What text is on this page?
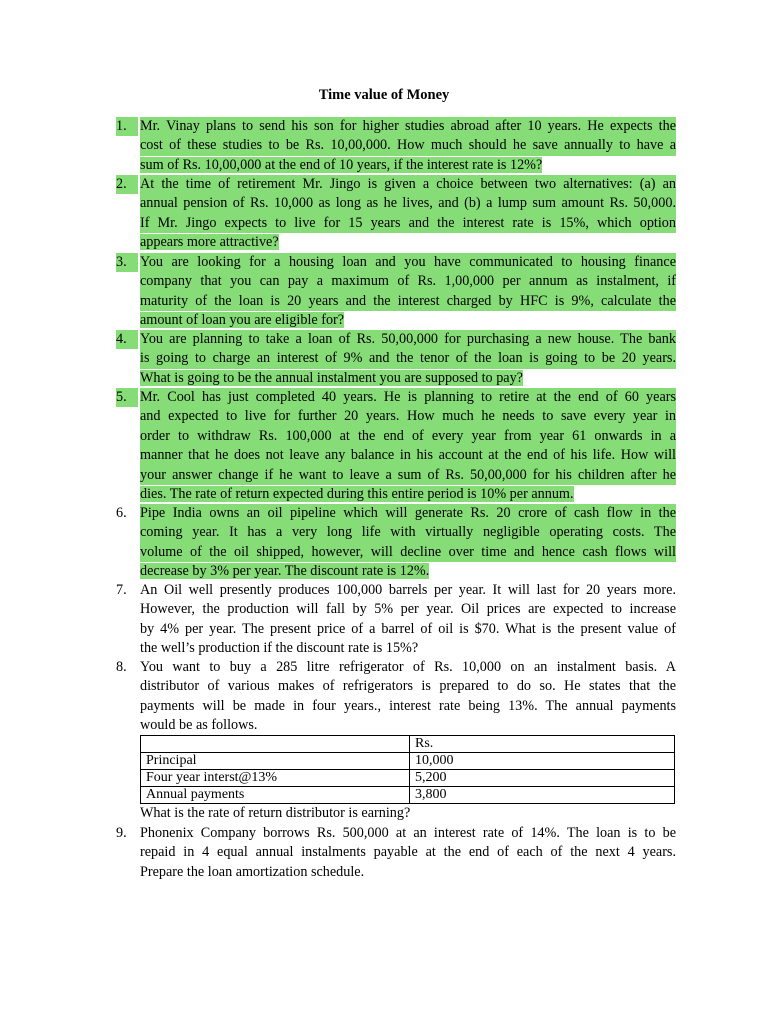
Time value of Money
1. Mr. Vinay plans to send his son for higher studies abroad after 10 years. He expects the
cost of these studies to be Rs. 10,00,000. How much should he save annually to have a
sum of Rs. 10,00,000 at the end of 10 years, if the interest rate is 12%?
2. At the time of retirement Mr. Jingo is given a choice between two alternatives: (a) an
annual pension of Rs. 10,000 as long as he lives, and (b) a lump sum amount Rs. 50,000.
If Mr. Jingo expects to live for 15 years and the interest rate is 15%, which option
appears more attractive?
3. You are looking for a housing loan and you have communicated to housing finance
company that you can pay a maximum of Rs. 1,00,000 per annum as instalment, if
maturity of the loan is 20 years and the interest charged by HFC is 9%, calculate the
amount of loan you are eligible for?
4. You are planning to take a loan of Rs. 50,00,000 for purchasing a new house. The bank
is going to charge an interest of 9% and the tenor of the loan is going to be 20 years.
What is going to be the annual instalment you are supposed to pay?
5. Mr. Cool has just completed 40 years. He is planning to retire at the end of 60 years
and expected to live for further 20 years. How much he needs to save every year in
order to withdraw Rs. 100,000 at the end of every year from year 61 onwards in a
manner that he does not leave any balance in his account at the end of his life. How will
your answer change if he want to leave a sum of Rs. 50,00,000 for his children after he
dies. The rate of return expected during this entire period is 10% per annum.
6. Pipe India owns an oil pipeline which will generate Rs. 20 crore of cash flow in the
coming year. It has a very long life with virtually negligible operating costs. The
volume of the oil shipped, however, will decline over time and hence cash flows will
decrease by 3% per year. The discount rate is 12%.
7. An Oil well presently produces 100,000 barrels per year. It will last for 20 years more.
However, the production will fall by 5% per year. Oil prices are expected to increase
by 4% per year. The present price of a barrel of oil is $70. What is the present value of
the well’s production if the discount rate is 15%?
8. You want to buy a 285 litre refrigerator of Rs. 10,000 on an instalment basis. A
distributor of various makes of refrigerators is prepared to do so. He states that the
payments will be made in four years., interest rate being 13%. The annual payments
would be as follows.
	Rs.
Principal	10,000
Four year interst@13%	5,200
Annual payments	3,800
What is the rate of return distributor is earning?
9. Phonenix Company borrows Rs. 500,000 at an interest rate of 14%. The loan is to be
repaid in 4 equal annual instalments payable at the end of each of the next 4 years.
Prepare the loan amortization schedule.
